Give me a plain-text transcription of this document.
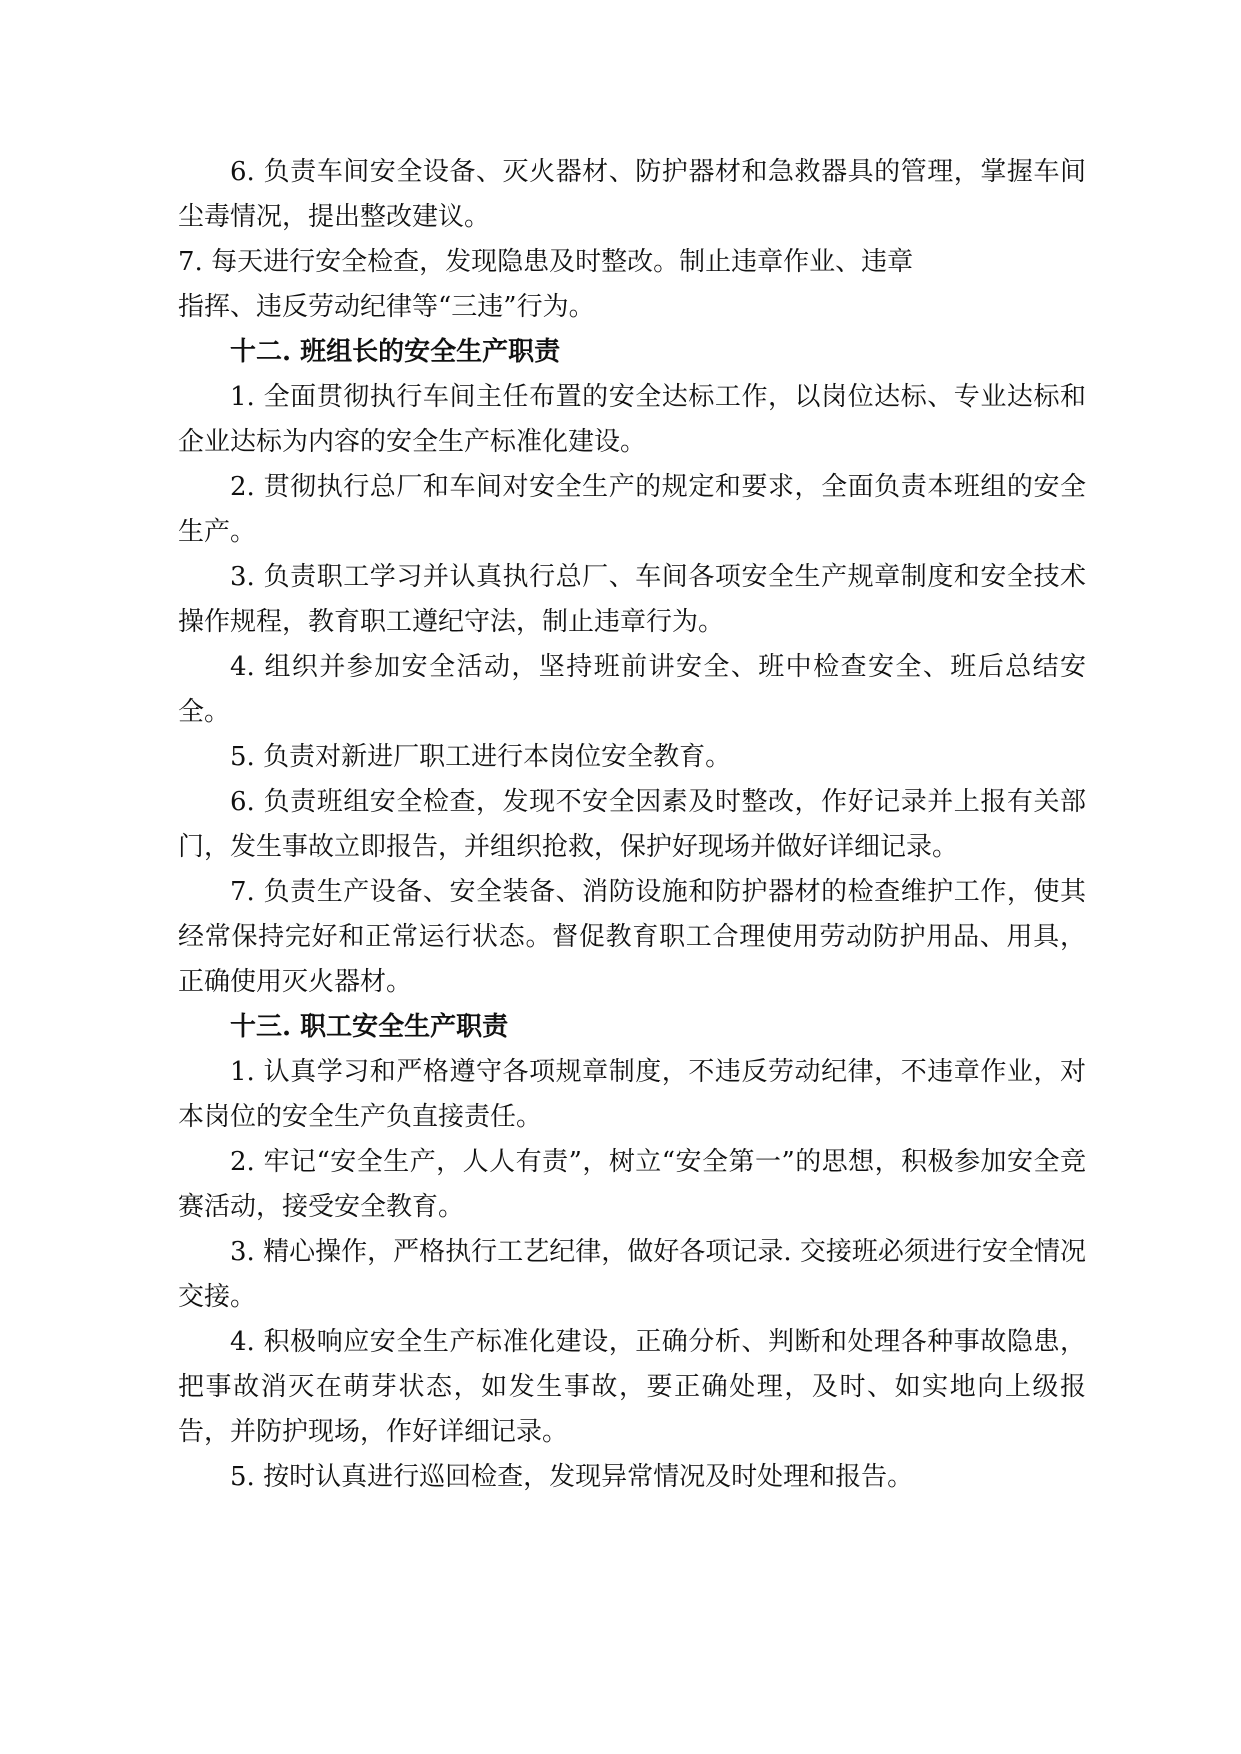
6. 负责车间安全设备、灭火器材、防护器材和急救器具的管理，掌握车间尘毒情况，提出整改建议。

7. 每天进行安全检查，发现隐患及时整改。制止违章作业、违章

指挥、违反劳动纪律等“三违”行为。

十二. 班组长的安全生产职责

1. 全面贯彻执行车间主任布置的安全达标工作，以岗位达标、专业达标和企业达标为内容的安全生产标准化建设。

2. 贯彻执行总厂和车间对安全生产的规定和要求，全面负责本班组的安全生产。

3. 负责职工学习并认真执行总厂、车间各项安全生产规章制度和安全技术操作规程，教育职工遵纪守法，制止违章行为。

4. 组织并参加安全活动，坚持班前讲安全、班中检查安全、班后总结安全。

5. 负责对新进厂职工进行本岗位安全教育。

6. 负责班组安全检查，发现不安全因素及时整改，作好记录并上报有关部门，发生事故立即报告，并组织抢救，保护好现场并做好详细记录。

7. 负责生产设备、安全装备、消防设施和防护器材的检查维护工作，使其经常保持完好和正常运行状态。督促教育职工合理使用劳动防护用品、用具，正确使用灭火器材。

十三. 职工安全生产职责

1. 认真学习和严格遵守各项规章制度，不违反劳动纪律，不违章作业，对本岗位的安全生产负直接责任。

2. 牢记“安全生产，人人有责”，树立“安全第一”的思想，积极参加安全竞赛活动，接受安全教育。

3. 精心操作，严格执行工艺纪律，做好各项记录. 交接班必须进行安全情况交接。

4. 积极响应安全生产标准化建设，正确分析、判断和处理各种事故隐患，把事故消灭在萌芽状态，如发生事故，要正确处理，及时、如实地向上级报告，并防护现场，作好详细记录。

5. 按时认真进行巡回检查，发现异常情况及时处理和报告。
